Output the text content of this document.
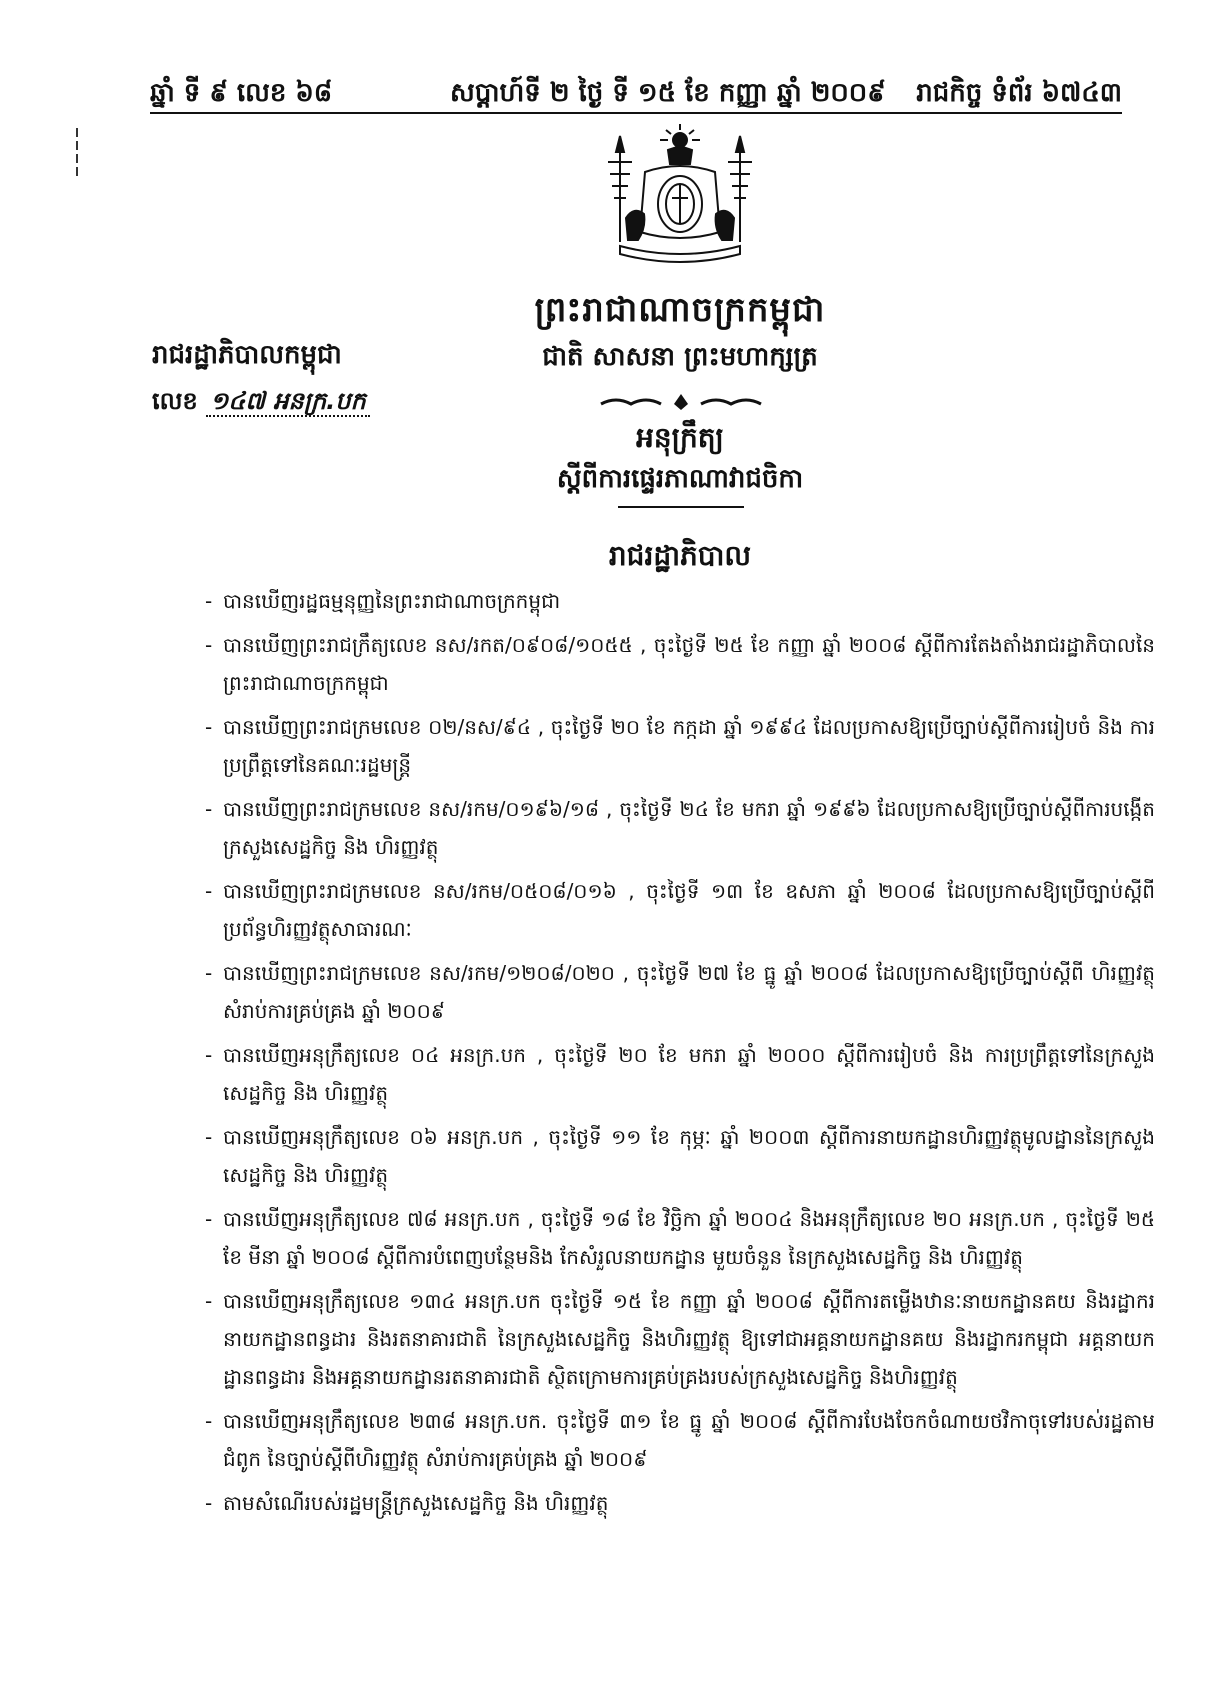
ឆ្នាំ ទី ៩ លេខ ៦៨	សប្ដាហ៍ទី ២ ថ្ងៃ ទី ១៥ ខែ កញ្ញា ឆ្នាំ ២០០៩ រាជកិច្ច ទំព័រ ៦៧៤៣
ព្រះរាជាណាចក្រកម្ពុជា
ជាតិ សាសនា ព្រះមហាក្សត្រ
រាជរដ្ឋាភិបាលកម្ពុជា
លេខ ១៤៧ អនក្រ.បក
អនុក្រឹត្យ
ស្ដីពីការផ្ទេរភាណាវាជចិកា
រាជរដ្ឋាភិបាល
- បានឃើញរដ្ឋធម្មនុញ្ញនៃព្រះរាជាណាចក្រកម្ពុជា
- បានឃើញព្រះរាជក្រឹត្យលេខ នស/រកត/០៩០៨/១០៥៥ , ចុះថ្ងៃទី ២៥ ខែ កញ្ញា ឆ្នាំ ២០០៨ ស្ដីពីការតែងតាំងរាជរដ្ឋាភិបាលនៃព្រះរាជាណាចក្រកម្ពុជា
- បានឃើញព្រះរាជក្រមលេខ ០២/នស/៩៤ , ចុះថ្ងៃទី ២០ ខែ កក្កដា ឆ្នាំ ១៩៩៤ ដែលប្រកាសឱ្យប្រើច្បាប់ស្ដីពីការរៀបចំ និង ការប្រព្រឹត្តទៅនៃគណៈរដ្ឋមន្ត្រី
- បានឃើញព្រះរាជក្រមលេខ នស/រកម/០១៩៦/១៨ , ចុះថ្ងៃទី ២៤ ខែ មករា ឆ្នាំ ១៩៩៦ ដែលប្រកាសឱ្យប្រើច្បាប់ស្ដីពីការបង្កើតក្រសួងសេដ្ឋកិច្ច និង ហិរញ្ញវត្ថុ
- បានឃើញព្រះរាជក្រមលេខ នស/រកម/០៥០៨/០១៦ , ចុះថ្ងៃទី ១៣ ខែ ឧសភា ឆ្នាំ ២០០៨ ដែលប្រកាសឱ្យប្រើច្បាប់ស្ដីពីប្រព័ន្ធហិរញ្ញវត្ថុសាធារណៈ
- បានឃើញព្រះរាជក្រមលេខ នស/រកម/១២០៨/០២០ , ចុះថ្ងៃទី ២៧ ខែ ធ្នូ ឆ្នាំ ២០០៨ ដែលប្រកាសឱ្យប្រើច្បាប់ស្ដីពី ហិរញ្ញវត្ថុសំរាប់ការគ្រប់គ្រង ឆ្នាំ ២០០៩
- បានឃើញអនុក្រឹត្យលេខ ០៤ អនក្រ.បក , ចុះថ្ងៃទី ២០ ខែ មករា ឆ្នាំ ២០០០ ស្ដីពីការរៀបចំ និង ការប្រព្រឹត្តទៅនៃក្រសួងសេដ្ឋកិច្ច និង ហិរញ្ញវត្ថុ
- បានឃើញអនុក្រឹត្យលេខ ០៦ អនក្រ.បក , ចុះថ្ងៃទី ១១ ខែ កុម្ភៈ ឆ្នាំ ២០០៣ ស្ដីពីការនាយកដ្ឋានហិរញ្ញវត្ថុមូលដ្ឋាននៃក្រសួងសេដ្ឋកិច្ច និង ហិរញ្ញវត្ថុ
- បានឃើញអនុក្រឹត្យលេខ ៧៨ អនក្រ.បក , ចុះថ្ងៃទី ១៨ ខែ វិច្ឆិកា ឆ្នាំ ២០០៤ និងអនុក្រឹត្យលេខ ២០ អនក្រ.បក , ចុះថ្ងៃទី ២៥ ខែ មីនា ឆ្នាំ ២០០៨ ស្ដីពីការបំពេញបន្ថែមនិង កែសំរួលនាយកដ្ឋាន មួយចំនួន នៃក្រសួងសេដ្ឋកិច្ច និង ហិរញ្ញវត្ថុ
- បានឃើញអនុក្រឹត្យលេខ ១៣៤ អនក្រ.បក ចុះថ្ងៃទី ១៥ ខែ កញ្ញា ឆ្នាំ ២០០៨ ស្ដីពីការតម្លើងឋានៈនាយកដ្ឋានគយ និងរដ្ឋាករ នាយកដ្ឋានពន្ធដារ និងរតនាគារជាតិ នៃក្រសួងសេដ្ឋកិច្ច និងហិរញ្ញវត្ថុ ឱ្យទៅជាអគ្គនាយកដ្ឋានគយ និងរដ្ឋាករកម្ពុជា អគ្គនាយកដ្ឋានពន្ធដារ និងអគ្គនាយកដ្ឋានរតនាគារជាតិ ស្ថិតក្រោមការគ្រប់គ្រងរបស់ក្រសួងសេដ្ឋកិច្ច និងហិរញ្ញវត្ថុ
- បានឃើញអនុក្រឹត្យលេខ ២៣៨ អនក្រ.បក. ចុះថ្ងៃទី ៣១ ខែ ធ្នូ ឆ្នាំ ២០០៨ ស្ដីពីការបែងចែកចំណាយថវិកាចុទៅរបស់រដ្ឋតាមជំពូក នៃច្បាប់ស្ដីពីហិរញ្ញវត្ថុ សំរាប់ការគ្រប់គ្រង ឆ្នាំ ២០០៩
- តាមសំណើរបស់រដ្ឋមន្ត្រីក្រសួងសេដ្ឋកិច្ច និង ហិរញ្ញវត្ថុ
